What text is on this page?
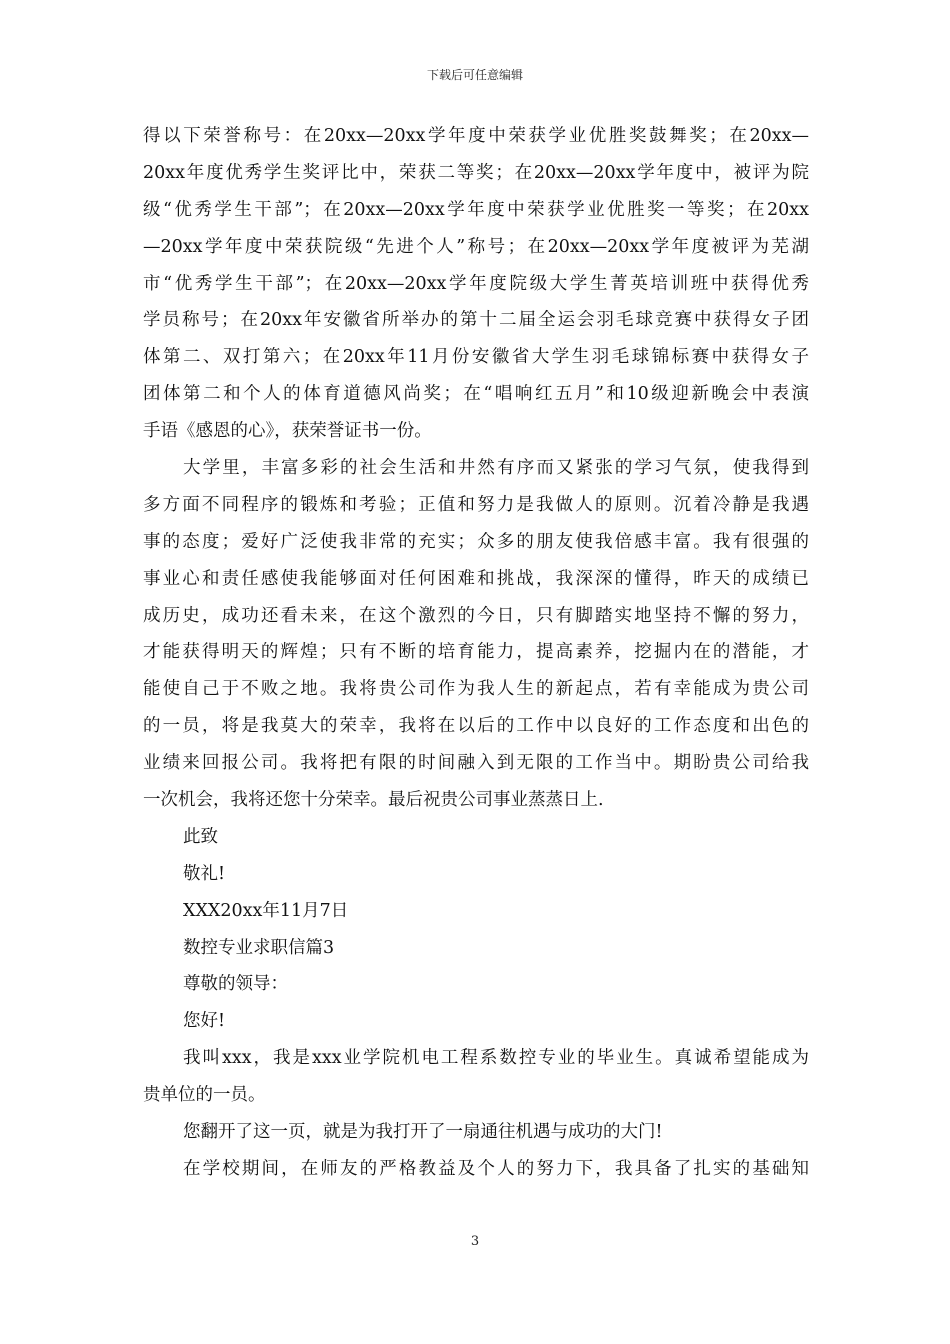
下载后可任意编辑
得以下荣誉称号：在20xx—20xx学年度中荣获学业优胜奖鼓舞奖；在20xx—
20xx年度优秀学生奖评比中，荣获二等奖；在20xx—20xx学年度中，被评为院
级“优秀学生干部”；在20xx—20xx学年度中荣获学业优胜奖一等奖；在20xx
—20xx学年度中荣获院级“先进个人”称号；在20xx—20xx学年度被评为芜湖
市“优秀学生干部”；在20xx—20xx学年度院级大学生菁英培训班中获得优秀
学员称号；在20xx年安徽省所举办的第十二届全运会羽毛球竞赛中获得女子团
体第二、双打第六；在20xx年11月份安徽省大学生羽毛球锦标赛中获得女子
团体第二和个人的体育道德风尚奖；在“唱响红五月”和10级迎新晚会中表演
手语《感恩的心》，获荣誉证书一份。
大学里，丰富多彩的社会生活和井然有序而又紧张的学习气氛，使我得到
多方面不同程序的锻炼和考验；正值和努力是我做人的原则。沉着冷静是我遇
事的态度；爱好广泛使我非常的充实；众多的朋友使我倍感丰富。我有很强的
事业心和责任感使我能够面对任何困难和挑战，我深深的懂得，昨天的成绩已
成历史，成功还看未来，在这个激烈的今日，只有脚踏实地坚持不懈的努力，
才能获得明天的辉煌；只有不断的培育能力，提高素养，挖掘内在的潜能，才
能使自己于不败之地。我将贵公司作为我人生的新起点，若有幸能成为贵公司
的一员，将是我莫大的荣幸，我将在以后的工作中以良好的工作态度和出色的
业绩来回报公司。我将把有限的时间融入到无限的工作当中。期盼贵公司给我
一次机会，我将还您十分荣幸。最后祝贵公司事业蒸蒸日上.
此致
敬礼!
XXX20xx年11月7日
数控专业求职信篇3
尊敬的领导：
您好!
我叫xxx，我是xxx业学院机电工程系数控专业的毕业生。真诚希望能成为
贵单位的一员。
您翻开了这一页，就是为我打开了一扇通往机遇与成功的大门!
在学校期间，在师友的严格教益及个人的努力下，我具备了扎实的基础知
3
